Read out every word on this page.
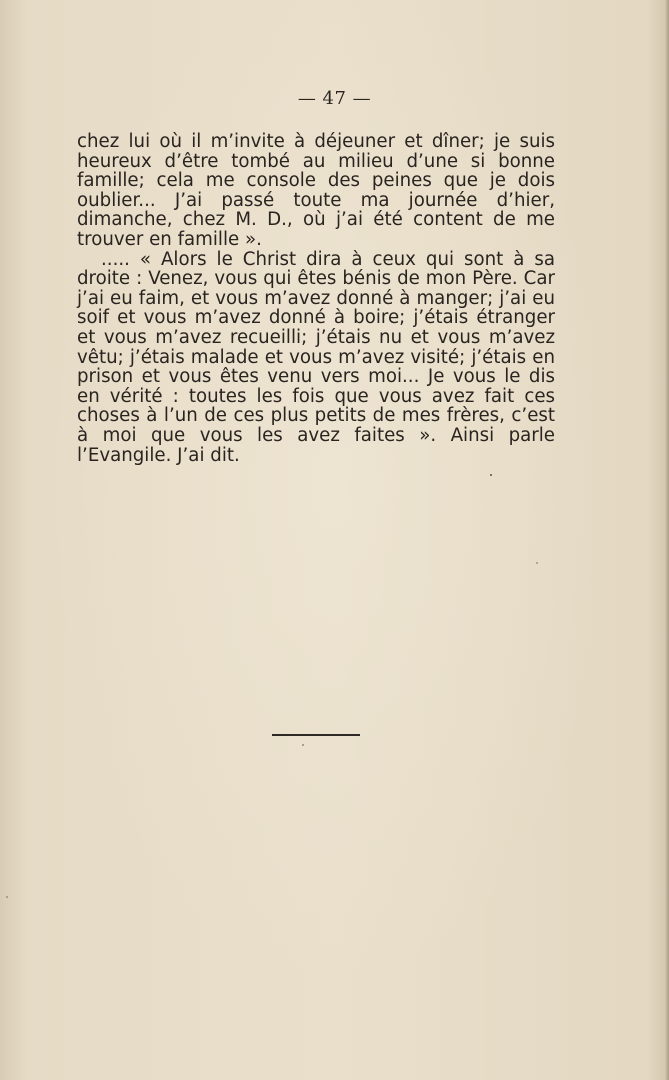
— 47 —

chez lui où il m’invite à déjeuner et dîner; je suis heureux d’être tombé au milieu d’une si bonne famille; cela me console des peines que je dois oublier... J’ai passé toute ma journée d’hier, dimanche, chez M. D., où j’ai été content de me trouver en famille ».

..... « Alors le Christ dira à ceux qui sont à sa droite : Venez, vous qui êtes bénis de mon Père. Car j’ai eu faim, et vous m’avez donné à manger; j’ai eu soif et vous m’avez donné à boire; j’étais étranger et vous m’avez recueilli; j’étais nu et vous m’avez vêtu; j’étais malade et vous m’avez visité; j’étais en prison et vous êtes venu vers moi... Je vous le dis en vérité : toutes les fois que vous avez fait ces choses à l’un de ces plus petits de mes frères, c’est à moi que vous les avez faites ». Ainsi parle l’Evangile. J’ai dit.
